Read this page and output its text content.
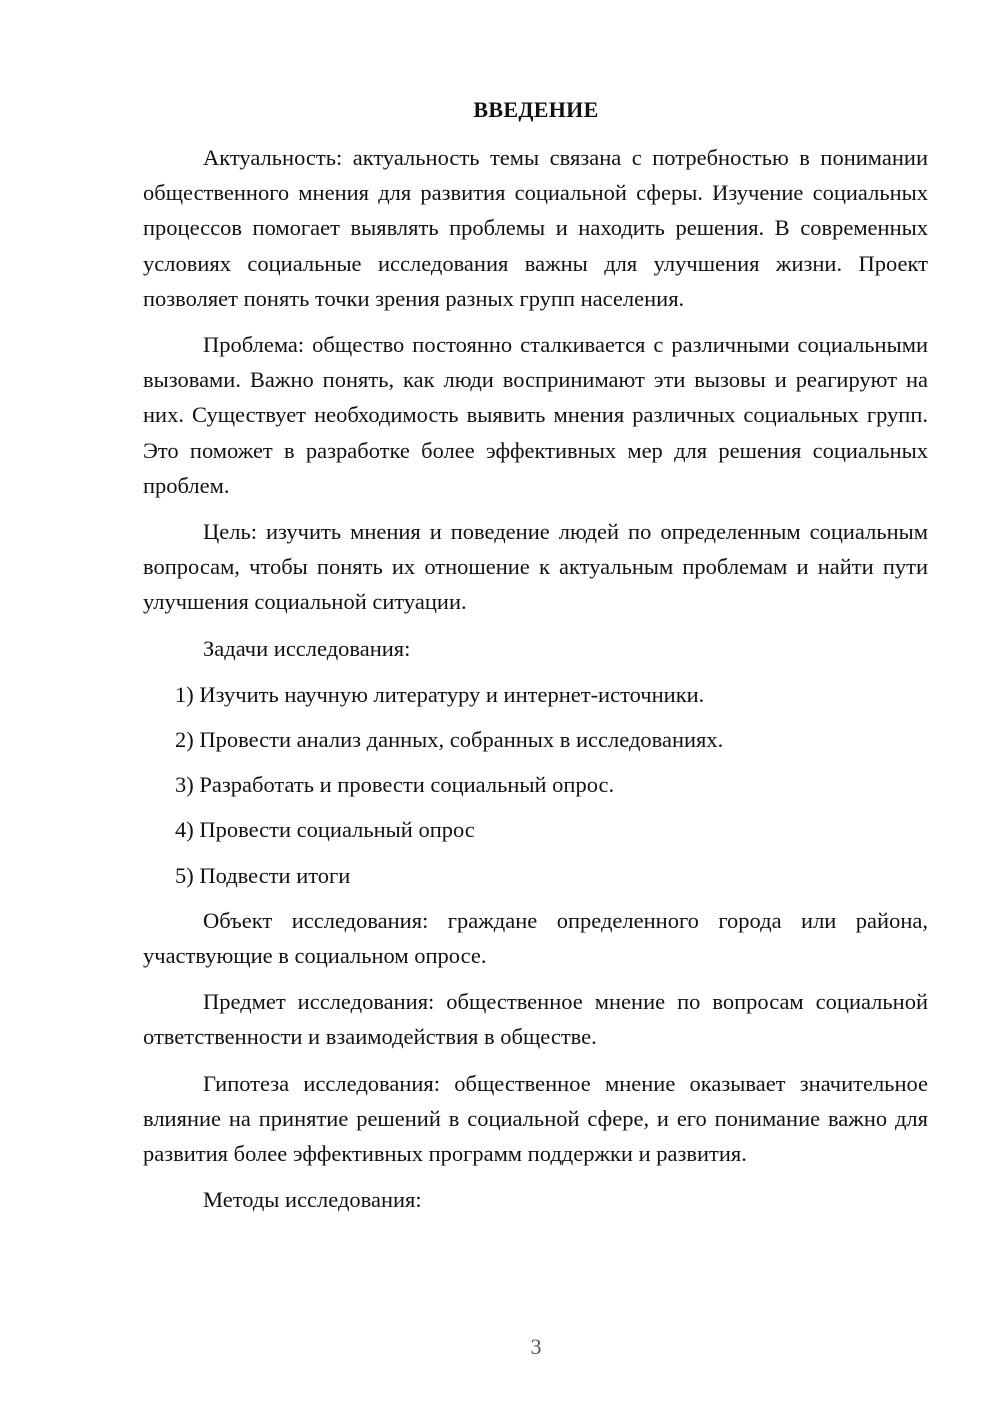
ВВЕДЕНИЕ

Актуальность: актуальность темы связана с потребностью в понимании общественного мнения для развития социальной сферы. Изучение социальных процессов помогает выявлять проблемы и находить решения. В современных условиях социальные исследования важны для улучшения жизни. Проект позволяет понять точки зрения разных групп населения.

Проблема: общество постоянно сталкивается с различными социальными вызовами. Важно понять, как люди воспринимают эти вызовы и реагируют на них. Существует необходимость выявить мнения различных социальных групп. Это поможет в разработке более эффективных мер для решения социальных проблем.

Цель: изучить мнения и поведение людей по определенным социальным вопросам, чтобы понять их отношение к актуальным проблемам и найти пути улучшения социальной ситуации.

Задачи исследования:

1) Изучить научную литературу и интернет-источники.
2) Провести анализ данных, собранных в исследованиях.
3) Разработать и провести социальный опрос.
4) Провести социальный опрос
5) Подвести итоги

Объект исследования: граждане определенного города или района, участвующие в социальном опросе.

Предмет исследования: общественное мнение по вопросам социальной ответственности и взаимодействия в обществе.

Гипотеза исследования: общественное мнение оказывает значительное влияние на принятие решений в социальной сфере, и его понимание важно для развития более эффективных программ поддержки и развития.

Методы исследования:

3
